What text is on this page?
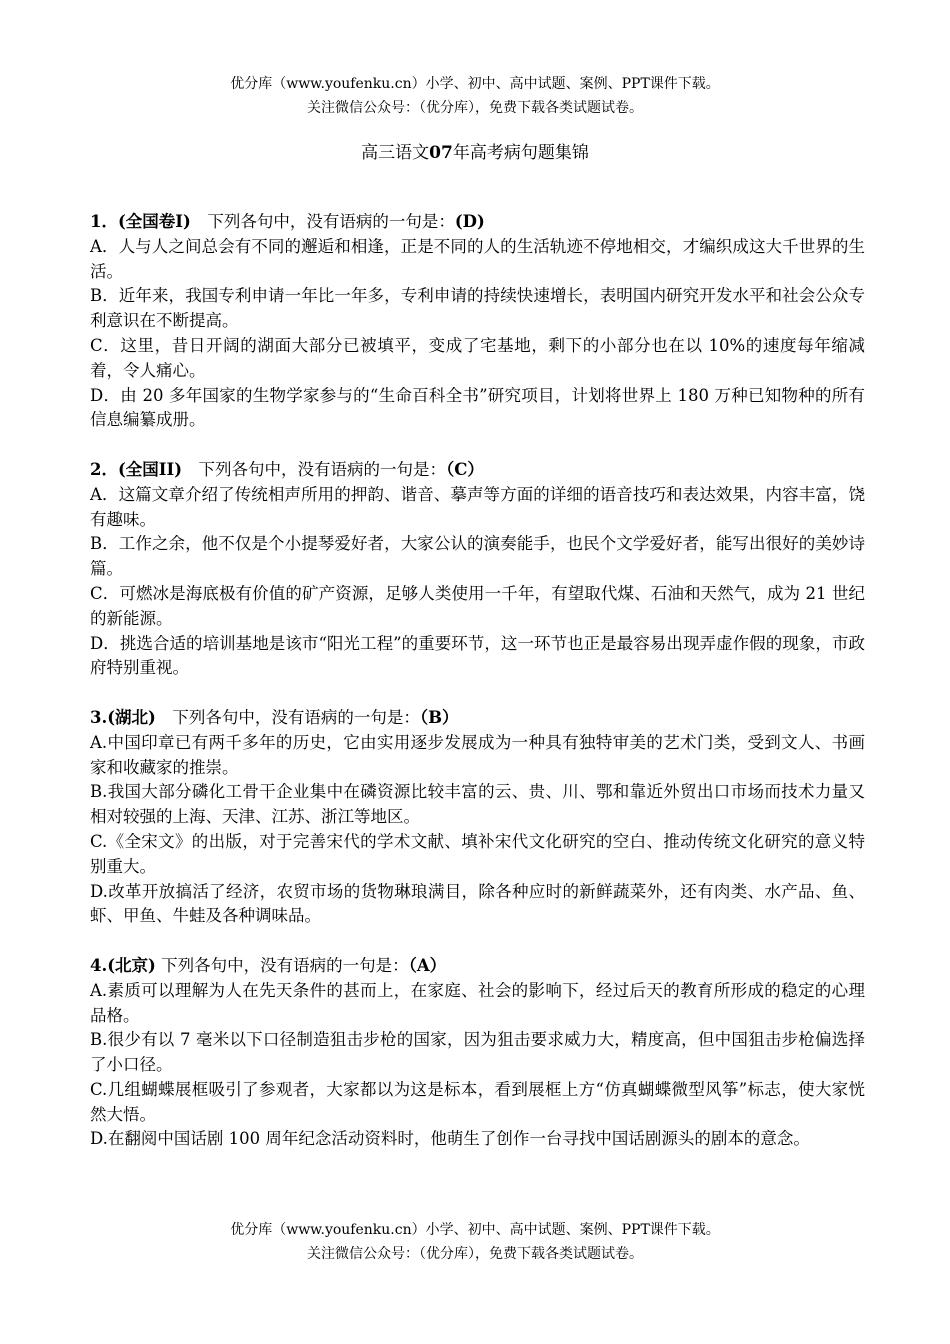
优分库（www.youfenku.cn）小学、初中、高中试题、案例、PPT课件下载。
关注微信公众号：（优分库），免费下载各类试题试卷。
高三语文07年高考病句题集锦

1．(全国卷I)　下列各句中，没有语病的一句是：(D)

A．人与人之间总会有不同的邂逅和相逢，正是不同的人的生活轨迹不停地相交，才编织成这大千世界的生活。

B．近年来，我国专利申请一年比一年多，专利申请的持续快速增长，表明国内研究开发水平和社会公众专利意识在不断提高。

C．这里，昔日开阔的湖面大部分已被填平，变成了宅基地，剩下的小部分也在以 10%的速度每年缩减着，令人痛心。

D．由 20 多年国家的生物学家参与的“生命百科全书”研究项目，计划将世界上 180 万种已知物种的所有信息编纂成册。

2．(全国II)　下列各句中，没有语病的一句是：（C）

A．这篇文章介绍了传统相声所用的押韵、谐音、摹声等方面的详细的语音技巧和表达效果，内容丰富，饶有趣味。

B．工作之余，他不仅是个小提琴爱好者，大家公认的演奏能手，也民个文学爱好者，能写出很好的美妙诗篇。

C．可燃冰是海底极有价值的矿产资源，足够人类使用一千年，有望取代煤、石油和天然气，成为 21 世纪的新能源。

D．挑选合适的培训基地是该市“阳光工程”的重要环节，这一环节也正是最容易出现弄虚作假的现象，市政府特别重视。

3.(湖北)　下列各句中，没有语病的一句是：（B）

A.中国印章已有两千多年的历史，它由实用逐步发展成为一种具有独特审美的艺术门类，受到文人、书画家和收藏家的推崇。

B.我国大部分磷化工骨干企业集中在磷资源比较丰富的云、贵、川、鄂和靠近外贸出口市场而技术力量又相对较强的上海、天津、江苏、浙江等地区。

C.《全宋文》的出版，对于完善宋代的学术文献、填补宋代文化研究的空白、推动传统文化研究的意义特别重大。

D.改革开放搞活了经济，农贸市场的货物琳琅满目，除各种应时的新鲜蔬菜外，还有肉类、水产品、鱼、虾、甲鱼、牛蛙及各种调味品。

4.(北京) 下列各句中，没有语病的一句是：（A）

A.素质可以理解为人在先天条件的甚而上，在家庭、社会的影响下，经过后天的教育所形成的稳定的心理品格。

B.很少有以 7 毫米以下口径制造狙击步枪的国家，因为狙击要求威力大，精度高，但中国狙击步枪偏选择了小口径。

C.几组蝴蝶展框吸引了参观者，大家都以为这是标本，看到展框上方“仿真蝴蝶微型风筝”标志，使大家恍然大悟。

D.在翻阅中国话剧 100 周年纪念活动资料时，他萌生了创作一台寻找中国话剧源头的剧本的意念。

优分库（www.youfenku.cn）小学、初中、高中试题、案例、PPT课件下载。
关注微信公众号：（优分库），免费下载各类试题试卷。
